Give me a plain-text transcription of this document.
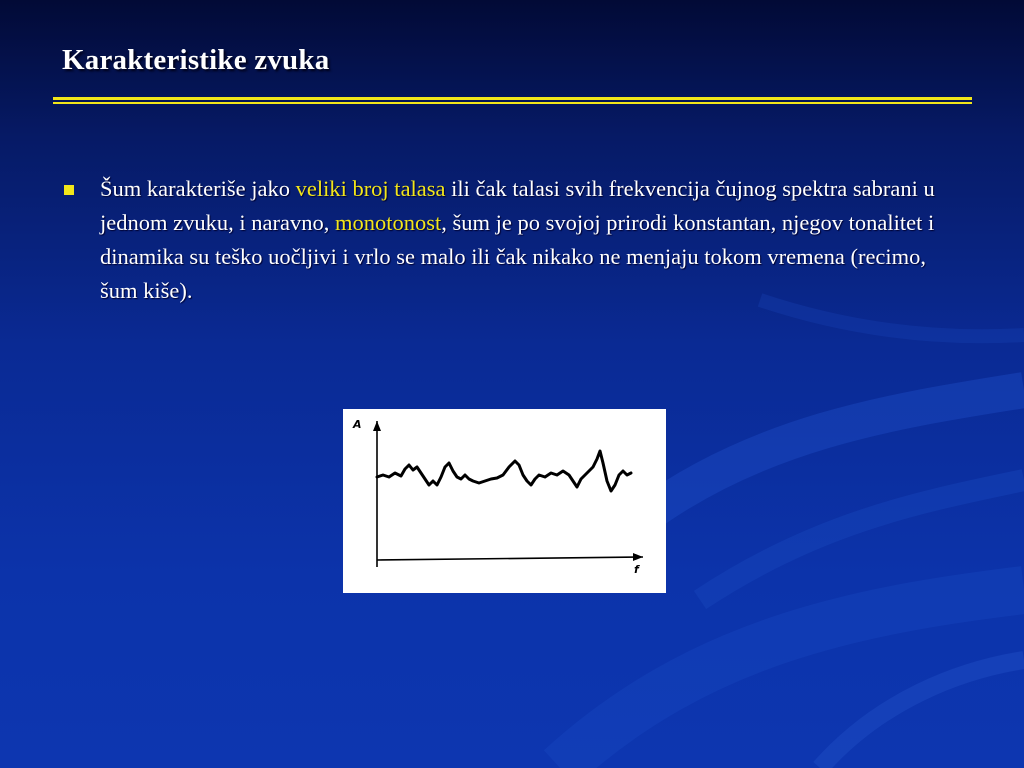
Karakteristike zvuka
Šum karakteriše jako veliki broj talasa ili čak talasi svih frekvencija čujnog spektra sabrani u jednom zvuku, i naravno, monotonost, šum je po svojoj prirodi konstantan, njegov tonalitet i dinamika su teško uočljivi i vrlo se malo ili čak nikako ne menjaju tokom vremena (recimo, šum kiše).
A
f
